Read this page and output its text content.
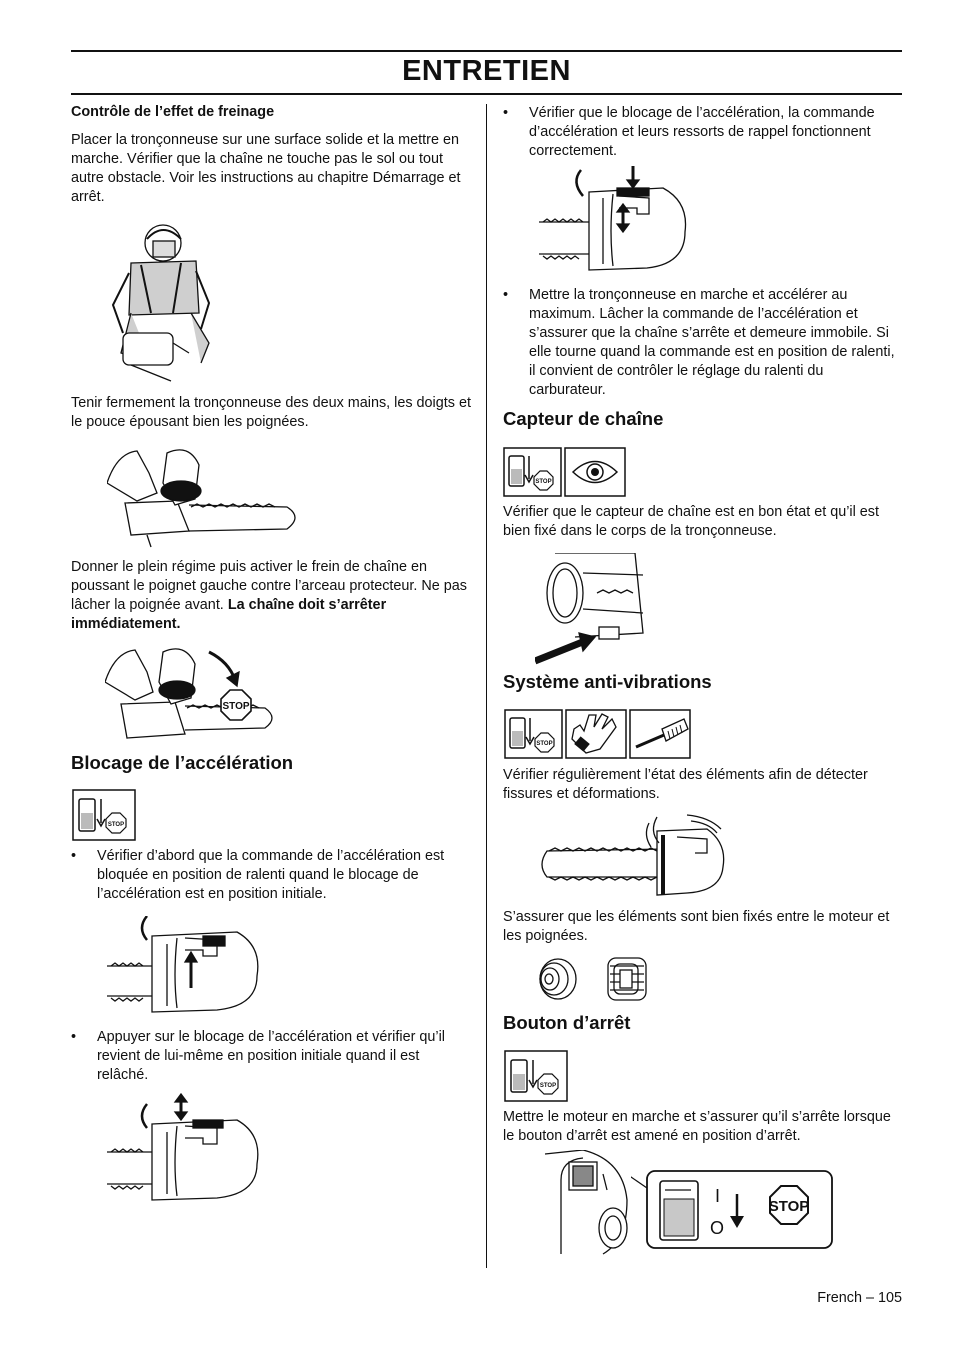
ENTRETIEN
Contrôle de l’effet de freinage
Placer la tronçonneuse sur une surface solide et la mettre en marche. Vérifier que la chaîne ne touche pas le sol ou tout autre obstacle. Voir les instructions au chapitre Démarrage et arrêt.
Tenir fermement la tronçonneuse des deux mains, les doigts et le pouce épousant bien les poignées.
Donner le plein régime puis activer le frein de chaîne en poussant le poignet gauche contre l’arceau protecteur. Ne pas lâcher la poignée avant. La chaîne doit s’arrêter immédiatement.
STOP
Blocage de l’accélération
STOP
• Vérifier d’abord que la commande de l’accélération est bloquée en position de ralenti quand le blocage de l’accélération est en position initiale.
• Appuyer sur le blocage de l’accélération et vérifier qu’il revient de lui-même en position initiale quand il est relâché.
• Vérifier que le blocage de l’accélération, la commande d’accélération et leurs ressorts de rappel fonctionnent correctement.
• Mettre la tronçonneuse en marche et accélérer au maximum. Lâcher la commande de l’accélération et s’assurer que la chaîne s’arrête et demeure immobile. Si elle tourne quand la commande est en position de ralenti, il convient de contrôler le réglage du ralenti du carburateur.
Capteur de chaîne
STOP
Vérifier que le capteur de chaîne est en bon état et qu’il est bien fixé dans le corps de la tronçonneuse.
Système anti-vibrations
STOP
Vérifier régulièrement l’état des éléments afin de détecter fissures et déformations.
S’assurer que les éléments sont bien fixés entre le moteur et les poignées.
Bouton d’arrêt
STOP
Mettre le moteur en marche et s’assurer qu’il s’arrête lorsque le bouton d’arrêt est amené en position d’arrêt.
I
O
STOP
French – 105
